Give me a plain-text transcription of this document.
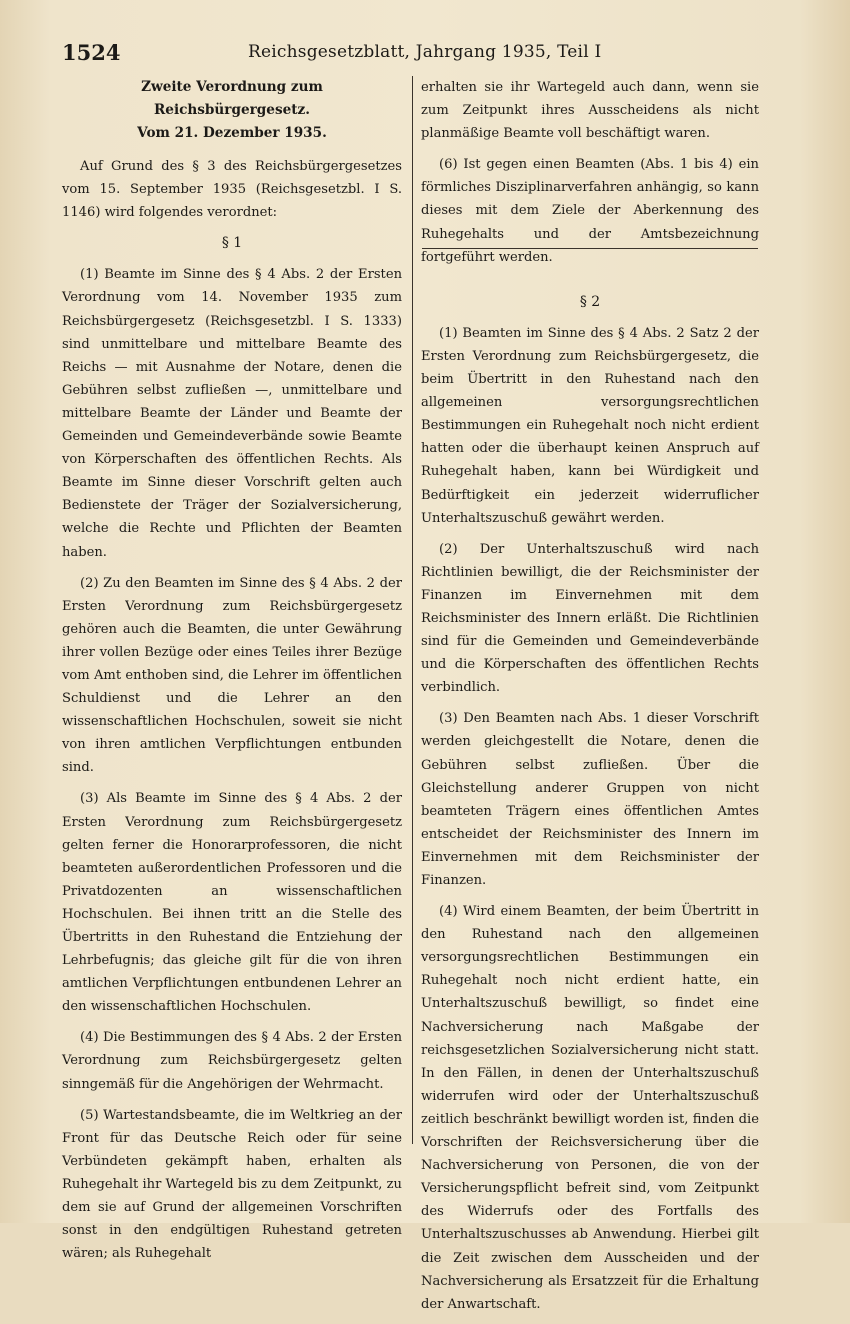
1524	Reichsgesetzblatt, Jahrgang 1935, Teil I
Zweite Verordnung zum Reichsbürgergesetz.
Vom 21. Dezember 1935.

Auf Grund des § 3 des Reichsbürgergesetzes vom 15. September 1935 (Reichsgesetzbl. I S. 1146) wird folgendes verordnet:

§ 1

(1) Beamte im Sinne des § 4 Abs. 2 der Ersten Verordnung vom 14. November 1935 zum Reichsbürgergesetz (Reichsgesetzbl. I S. 1333) sind unmittelbare und mittelbare Beamte des Reichs — mit Ausnahme der Notare, denen die Gebühren selbst zufließen —, unmittelbare und mittelbare Beamte der Länder und Beamte der Gemeinden und Gemeindeverbände sowie Beamte von Körperschaften des öffentlichen Rechts. Als Beamte im Sinne dieser Vorschrift gelten auch Bedienstete der Träger der Sozialversicherung, welche die Rechte und Pflichten der Beamten haben.

(2) Zu den Beamten im Sinne des § 4 Abs. 2 der Ersten Verordnung zum Reichsbürgergesetz gehören auch die Beamten, die unter Gewährung ihrer vollen Bezüge oder eines Teiles ihrer Bezüge vom Amt enthoben sind, die Lehrer im öffentlichen Schuldienst und die Lehrer an den wissenschaftlichen Hochschulen, soweit sie nicht von ihren amtlichen Verpflichtungen entbunden sind.

(3) Als Beamte im Sinne des § 4 Abs. 2 der Ersten Verordnung zum Reichsbürgergesetz gelten ferner die Honorarprofessoren, die nicht beamteten außerordentlichen Professoren und die Privatdozenten an wissenschaftlichen Hochschulen. Bei ihnen tritt an die Stelle des Übertritts in den Ruhestand die Entziehung der Lehrbefugnis; das gleiche gilt für die von ihren amtlichen Verpflichtungen entbundenen Lehrer an den wissenschaftlichen Hochschulen.

(4) Die Bestimmungen des § 4 Abs. 2 der Ersten Verordnung zum Reichsbürgergesetz gelten sinngemäß für die Angehörigen der Wehrmacht.

(5) Wartestandsbeamte, die im Weltkrieg an der Front für das Deutsche Reich oder für seine Verbündeten gekämpft haben, erhalten als Ruhegehalt ihr Wartegeld bis zu dem Zeitpunkt, zu dem sie auf Grund der allgemeinen Vorschriften sonst in den endgültigen Ruhestand getreten wären; als Ruhegehalt

erhalten sie ihr Wartegeld auch dann, wenn sie zum Zeitpunkt ihres Ausscheidens als nicht planmäßige Beamte voll beschäftigt waren.

(6) Ist gegen einen Beamten (Abs. 1 bis 4) ein förmliches Disziplinarverfahren anhängig, so kann dieses mit dem Ziele der Aberkennung des Ruhegehalts und der Amtsbezeichnung fortgeführt werden.

§ 2

(1) Beamten im Sinne des § 4 Abs. 2 Satz 2 der Ersten Verordnung zum Reichsbürgergesetz, die beim Übertritt in den Ruhestand nach den allgemeinen versorgungsrechtlichen Bestimmungen ein Ruhegehalt noch nicht erdient hatten oder die überhaupt keinen Anspruch auf Ruhegehalt haben, kann bei Würdigkeit und Bedürftigkeit ein jederzeit widerruflicher Unterhaltszuschuß gewährt werden.

(2) Der Unterhaltszuschuß wird nach Richtlinien bewilligt, die der Reichsminister der Finanzen im Einvernehmen mit dem Reichsminister des Innern erläßt. Die Richtlinien sind für die Gemeinden und Gemeindeverbände und die Körperschaften des öffentlichen Rechts verbindlich.

(3) Den Beamten nach Abs. 1 dieser Vorschrift werden gleichgestellt die Notare, denen die Gebühren selbst zufließen. Über die Gleichstellung anderer Gruppen von nicht beamteten Trägern eines öffentlichen Amtes entscheidet der Reichsminister des Innern im Einvernehmen mit dem Reichsminister der Finanzen.

(4) Wird einem Beamten, der beim Übertritt in den Ruhestand nach den allgemeinen versorgungsrechtlichen Bestimmungen ein Ruhegehalt noch nicht erdient hatte, ein Unterhaltszuschuß bewilligt, so findet eine Nachversicherung nach Maßgabe der reichsgesetzlichen Sozialversicherung nicht statt. In den Fällen, in denen der Unterhaltszuschuß widerrufen wird oder der Unterhaltszuschuß zeitlich beschränkt bewilligt worden ist, finden die Vorschriften der Reichsversicherung über die Nachversicherung von Personen, die von der Versicherungspflicht befreit sind, vom Zeitpunkt des Widerrufs oder des Fortfalls des Unterhaltszuschusses ab Anwendung. Hierbei gilt die Zeit zwischen dem Ausscheiden und der Nachversicherung als Ersatzzeit für die Erhaltung der Anwartschaft.
